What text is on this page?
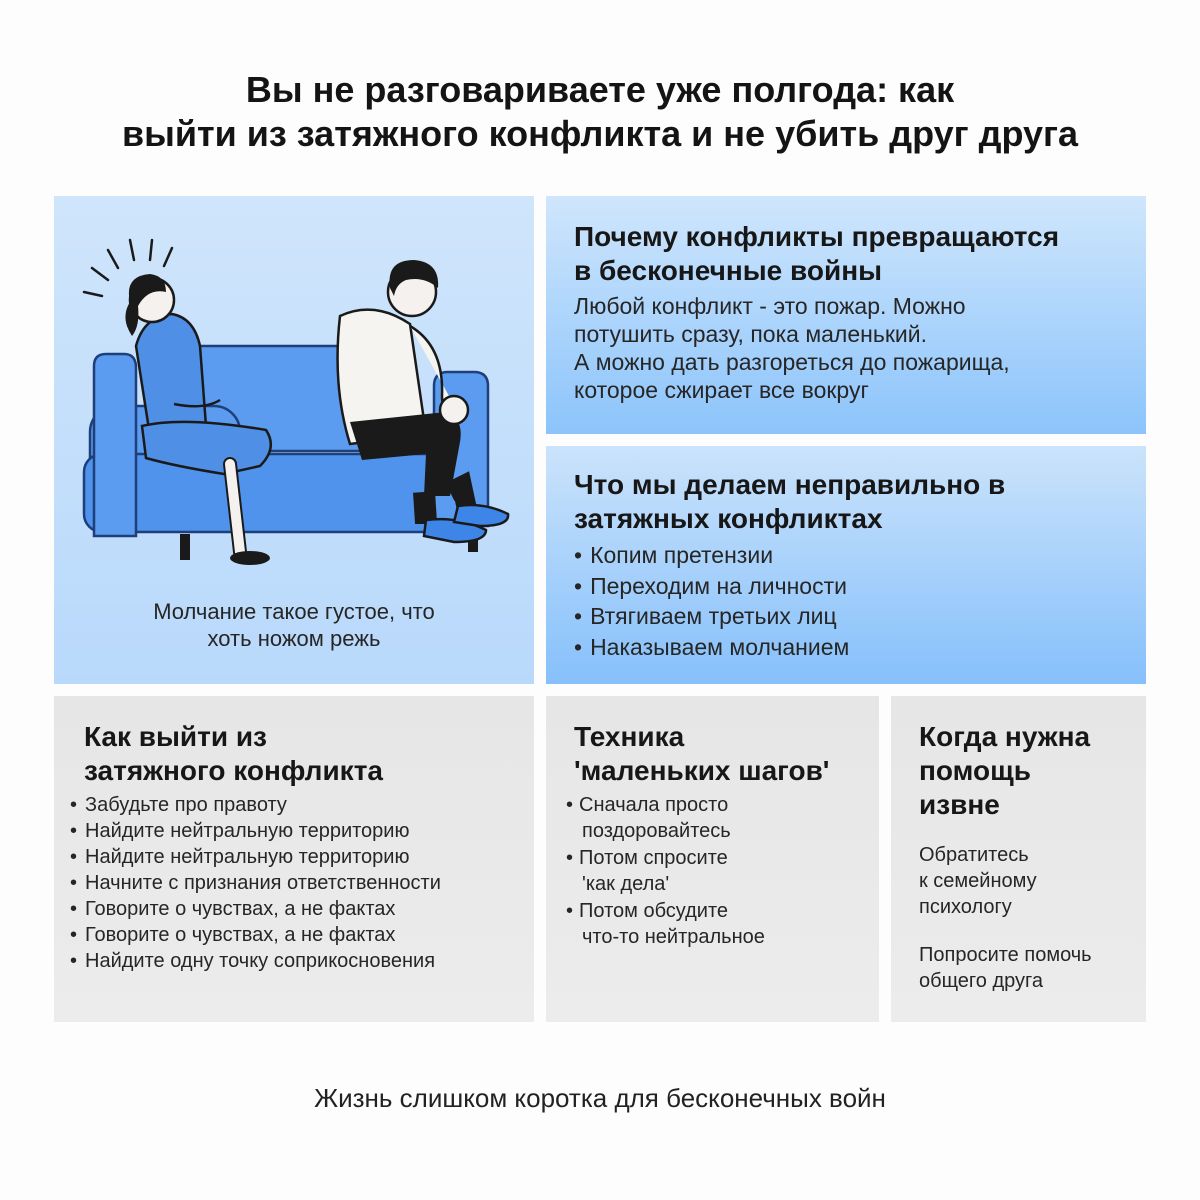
Вы не разговариваете уже полгода: как
выйти из затяжного конфликта и не убить друг друга
Молчание такое густое, что
хоть ножом режь
Почему конфликты превращаются
в бесконечные войны

Любой конфликт - это пожар. Можно
потушить сразу, пока маленький.
А можно дать разгореться до пожарища,
которое сжирает все вокруг

Что мы делаем неправильно в
затяжных конфликтах
• Копим претензии
• Переходим на личности
• Втягиваем третьих лиц
• Наказываем молчанием
Как выйти из
затяжного конфликта
• Забудьте про правоту
• Найдите нейтральную территорию
• Найдите нейтральную территорию
• Начните с признания ответственности
• Говорите о чувствах, а не фактах
• Говорите о чувствах, а не фактах
• Найдите одну точку соприкосновения
Техника
'маленьких шагов'
• Сначала просто
поздоровайтесь
• Потом спросите
'как дела'
• Потом обсудите
что-то нейтральное
Когда нужна
помощь
извне

Обратитесь
к семейному
психологу

Попросите помочь
общего друга

Жизнь слишком коротка для бесконечных войн
